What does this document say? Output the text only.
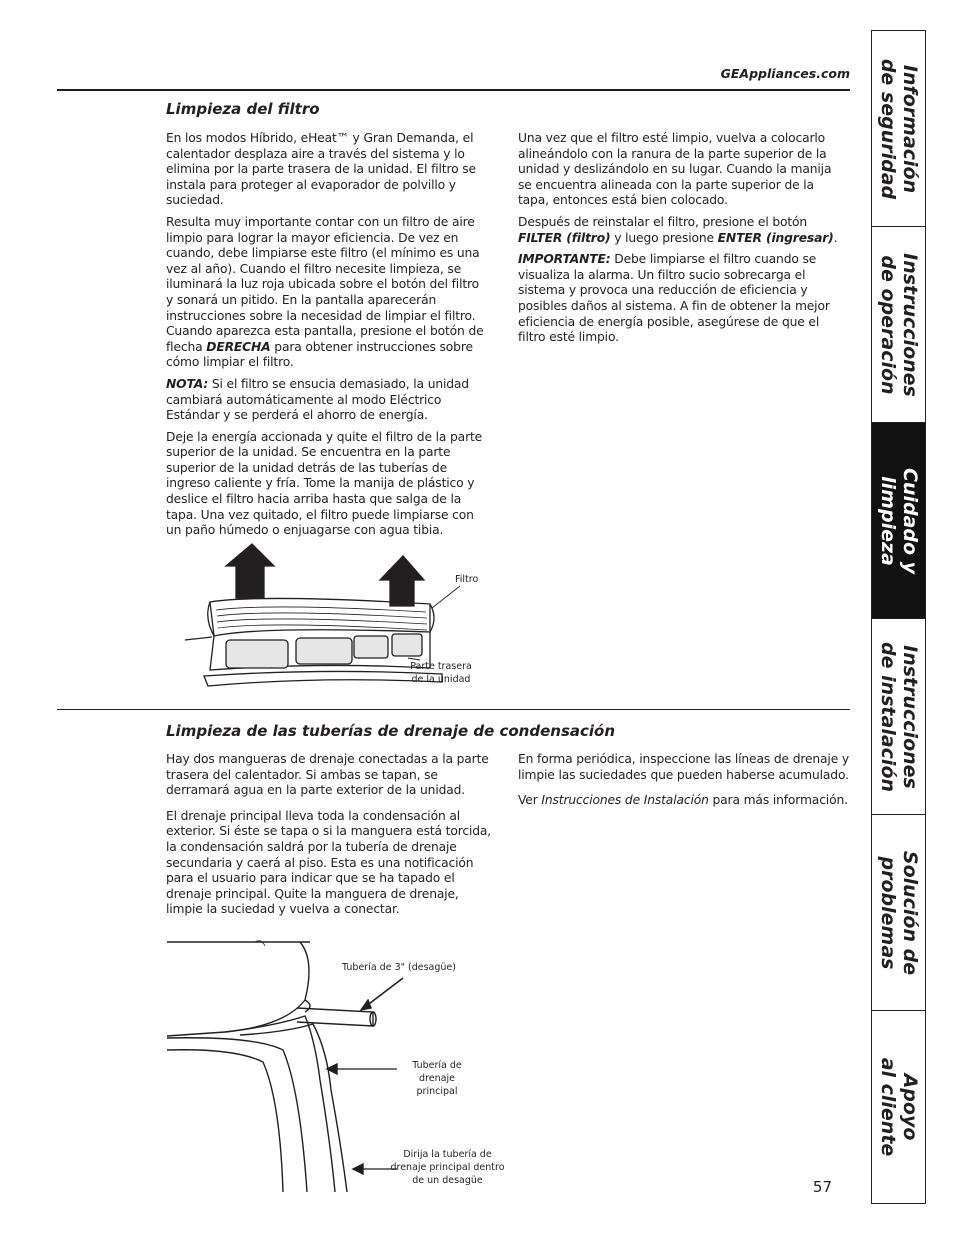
GEAppliances.com	Información
de seguridad
Instrucciones
de operación
Cuidado y
limpieza
Instrucciones
de instalación
Solución de
problemas
Apoyo
al cliente
Limpieza del filtro

En los modos Híbrido, eHeat™ y Gran Demanda, el calentador desplaza aire a través del sistema y lo elimina por la parte trasera de la unidad. El filtro se instala para proteger al evaporador de polvillo y suciedad.

Resulta muy importante contar con un filtro de aire limpio para lograr la mayor eficiencia. De vez en cuando, debe limpiarse este filtro (el mínimo es una vez al año). Cuando el filtro necesite limpieza, se iluminará la luz roja ubicada sobre el botón del filtro y sonará un pitido. En la pantalla aparecerán instrucciones sobre la necesidad de limpiar el filtro. Cuando aparezca esta pantalla, presione el botón de flecha DERECHA para obtener instrucciones sobre cómo limpiar el filtro.

NOTA: Si el filtro se ensucia demasiado, la unidad cambiará automáticamente al modo Eléctrico Estándar y se perderá el ahorro de energía.

Deje la energía accionada y quite el filtro de la parte superior de la unidad. Se encuentra en la parte superior de la unidad detrás de las tuberías de ingreso caliente y fría. Tome la manija de plástico y deslice el filtro hacia arriba hasta que salga de la tapa. Una vez quitado, el filtro puede limpiarse con un paño húmedo o enjuagarse con agua tibia.

Una vez que el filtro esté limpio, vuelva a colocarlo alineándolo con la ranura de la parte superior de la unidad y deslizándolo en su lugar. Cuando la manija se encuentra alineada con la parte superior de la tapa, entonces está bien colocado.

Después de reinstalar el filtro, presione el botón FILTER (filtro) y luego presione ENTER (ingresar).

IMPORTANTE: Debe limpiarse el filtro cuando se visualiza la alarma. Un filtro sucio sobrecarga el sistema y provoca una reducción de eficiencia y posibles daños al sistema. A fin de obtener la mejor eficiencia de energía posible, asegúrese de que el filtro esté limpio.

Filtro
Parte trasera
de la unidad
Limpieza de las tuberías de drenaje de condensación

Hay dos mangueras de drenaje conectadas a la parte trasera del calentador. Si ambas se tapan, se derramará agua en la parte exterior de la unidad.

El drenaje principal lleva toda la condensación al exterior. Si éste se tapa o si la manguera está torcida, la condensación saldrá por la tubería de drenaje secundaria y caerá al piso. Esta es una notificación para el usuario para indicar que se ha tapado el drenaje principal. Quite la manguera de drenaje, limpie la suciedad y vuelva a conectar.

En forma periódica, inspeccione las líneas de drenaje y limpie las suciedades que pueden haberse acumulado.

Ver Instrucciones de Instalación para más información.

Tubería de 3" (desagüe)
Tubería de drenaje
principal
Dirija la tubería de
drenaje principal dentro
de un desagüe	57
